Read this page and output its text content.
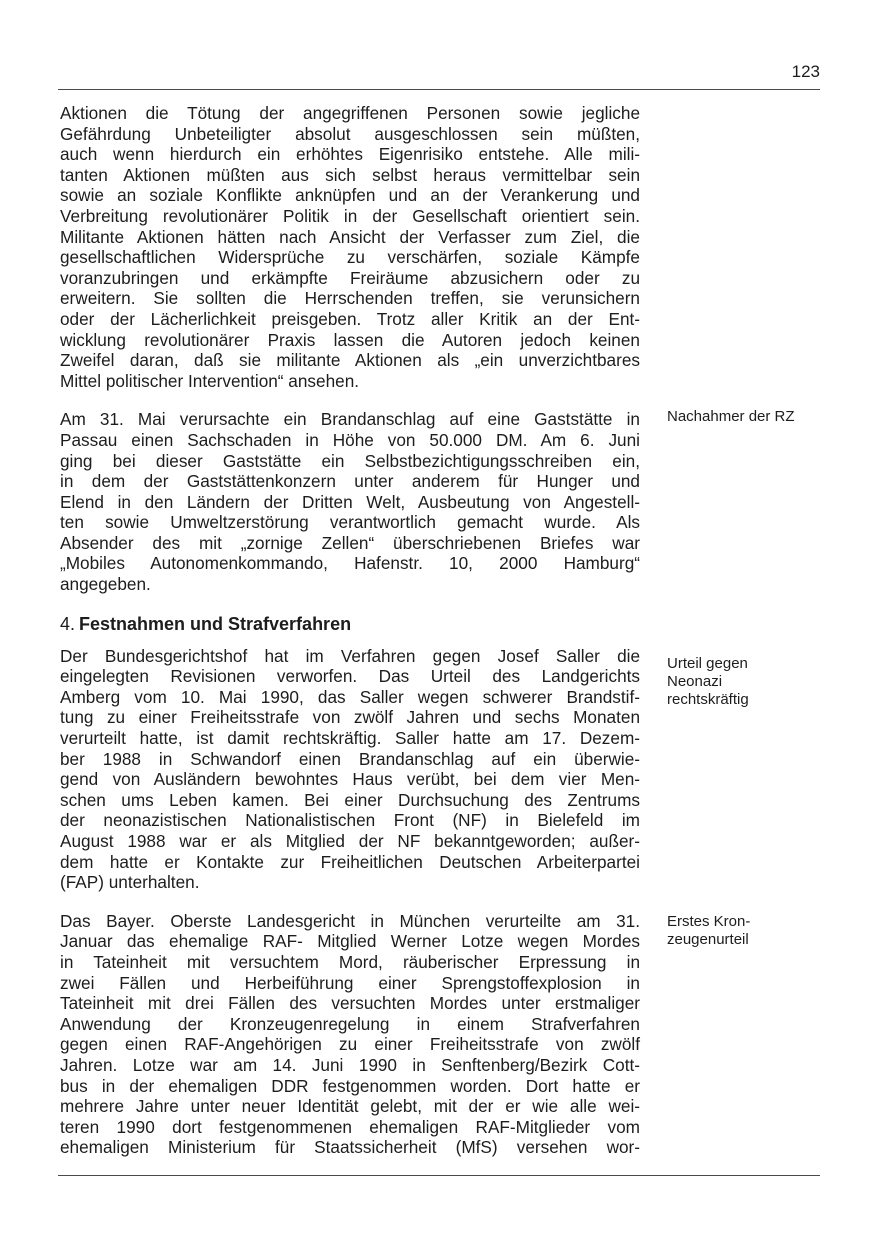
123

Aktionen die Tötung der angegriffenen Personen sowie jegliche
Gefährdung Unbeteiligter absolut ausgeschlossen sein müßten,
auch wenn hierdurch ein erhöhtes Eigenrisiko entstehe. Alle mili-
tanten Aktionen müßten aus sich selbst heraus vermittelbar sein
sowie an soziale Konflikte anknüpfen und an der Verankerung und
Verbreitung revolutionärer Politik in der Gesellschaft orientiert sein.
Militante Aktionen hätten nach Ansicht der Verfasser zum Ziel, die
gesellschaftlichen Widersprüche zu verschärfen, soziale Kämpfe
voranzubringen und erkämpfte Freiräume abzusichern oder zu
erweitern. Sie sollten die Herrschenden treffen, sie verunsichern
oder der Lächerlichkeit preisgeben. Trotz aller Kritik an der Ent-
wicklung revolutionärer Praxis lassen die Autoren jedoch keinen
Zweifel daran, daß sie militante Aktionen als „ein unverzichtbares
Mittel politischer Intervention“ ansehen.

Am 31. Mai verursachte ein Brandanschlag auf eine Gaststätte in
Passau einen Sachschaden in Höhe von 50.000 DM. Am 6. Juni
ging bei dieser Gaststätte ein Selbstbezichtigungsschreiben ein,
in dem der Gaststättenkonzern unter anderem für Hunger und
Elend in den Ländern der Dritten Welt, Ausbeutung von Angestell-
ten sowie Umweltzerstörung verantwortlich gemacht wurde. Als
Absender des mit „zornige Zellen“ überschriebenen Briefes war
„Mobiles Autonomenkommando, Hafenstr. 10, 2000 Hamburg“
angegeben.

4. Festnahmen und Strafverfahren

Der Bundesgerichtshof hat im Verfahren gegen Josef Saller die
eingelegten Revisionen verworfen. Das Urteil des Landgerichts
Amberg vom 10. Mai 1990, das Saller wegen schwerer Brandstif-
tung zu einer Freiheitsstrafe von zwölf Jahren und sechs Monaten
verurteilt hatte, ist damit rechtskräftig. Saller hatte am 17. Dezem-
ber 1988 in Schwandorf einen Brandanschlag auf ein überwie-
gend von Ausländern bewohntes Haus verübt, bei dem vier Men-
schen ums Leben kamen. Bei einer Durchsuchung des Zentrums
der neonazistischen Nationalistischen Front (NF) in Bielefeld im
August 1988 war er als Mitglied der NF bekanntgeworden; außer-
dem hatte er Kontakte zur Freiheitlichen Deutschen Arbeiterpartei
(FAP) unterhalten.

Das Bayer. Oberste Landesgericht in München verurteilte am 31.
Januar das ehemalige RAF- Mitglied Werner Lotze wegen Mordes
in Tateinheit mit versuchtem Mord, räuberischer Erpressung in
zwei Fällen und Herbeiführung einer Sprengstoffexplosion in
Tateinheit mit drei Fällen des versuchten Mordes unter erstmaliger
Anwendung der Kronzeugenregelung in einem Strafverfahren
gegen einen RAF-Angehörigen zu einer Freiheitsstrafe von zwölf
Jahren. Lotze war am 14. Juni 1990 in Senftenberg/Bezirk Cott-
bus in der ehemaligen DDR festgenommen worden. Dort hatte er
mehrere Jahre unter neuer Identität gelebt, mit der er wie alle wei-
teren 1990 dort festgenommenen ehemaligen RAF-Mitglieder vom
ehemaligen Ministerium für Staatssicherheit (MfS) versehen wor-

Nachahmer der RZ
Urteil gegen
Neonazi
rechtskräftig
Erstes Kron-
zeugenurteil
